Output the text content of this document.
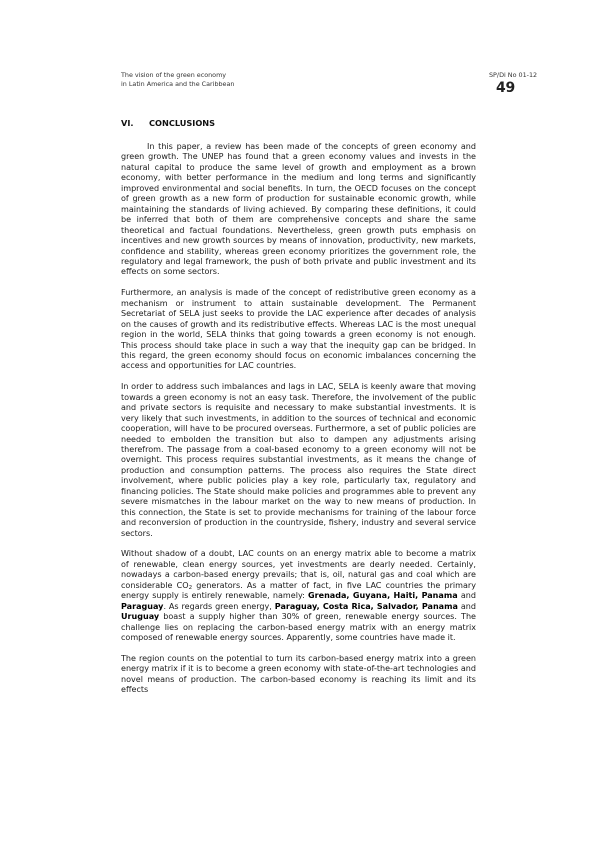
The vision of the green economy
in Latin America and the Caribbean
SP/Di No 01-12
49
VI. CONCLUSIONS

In this paper, a review has been made of the concepts of green economy and green growth. The UNEP has found that a green economy values and invests in the natural capital to produce the same level of growth and employment as a brown economy, with better performance in the medium and long terms and significantly improved environmental and social benefits. In turn, the OECD focuses on the concept of green growth as a new form of production for sustainable economic growth, while maintaining the standards of living achieved. By comparing these definitions, it could be inferred that both of them are comprehensive concepts and share the same theoretical and factual foundations. Nevertheless, green growth puts emphasis on incentives and new growth sources by means of innovation, productivity, new markets, confidence and stability, whereas green economy prioritizes the government role, the regulatory and legal framework, the push of both private and public investment and its effects on some sectors.

Furthermore, an analysis is made of the concept of redistributive green economy as a mechanism or instrument to attain sustainable development. The Permanent Secretariat of SELA just seeks to provide the LAC experience after decades of analysis on the causes of growth and its redistributive effects. Whereas LAC is the most unequal region in the world, SELA thinks that going towards a green economy is not enough. This process should take place in such a way that the inequity gap can be bridged. In this regard, the green economy should focus on economic imbalances concerning the access and opportunities for LAC countries.

In order to address such imbalances and lags in LAC, SELA is keenly aware that moving towards a green economy is not an easy task. Therefore, the involvement of the public and private sectors is requisite and necessary to make substantial investments. It is very likely that such investments, in addition to the sources of technical and economic cooperation, will have to be procured overseas. Furthermore, a set of public policies are needed to embolden the transition but also to dampen any adjustments arising therefrom. The passage from a coal-based economy to a green economy will not be overnight. This process requires substantial investments, as it means the change of production and consumption patterns. The process also requires the State direct involvement, where public policies play a key role, particularly tax, regulatory and financing policies. The State should make policies and programmes able to prevent any severe mismatches in the labour market on the way to new means of production. In this connection, the State is set to provide mechanisms for training of the labour force and reconversion of production in the countryside, fishery, industry and several service sectors.

Without shadow of a doubt, LAC counts on an energy matrix able to become a matrix of renewable, clean energy sources, yet investments are dearly needed. Certainly, nowadays a carbon-based energy prevails; that is, oil, natural gas and coal which are considerable $CO_2$ generators. As a matter of fact, in five LAC countries the primary energy supply is entirely renewable, namely: Grenada, Guyana, Haiti, Panama and Paraguay. As regards green energy, Paraguay, Costa Rica, Salvador, Panama and Uruguay boast a supply higher than 30% of green, renewable energy sources. The challenge lies on replacing the carbon-based energy matrix with an energy matrix composed of renewable energy sources. Apparently, some countries have made it.

The region counts on the potential to turn its carbon-based energy matrix into a green energy matrix if it is to become a green economy with state-of-the-art technologies and novel means of production. The carbon-based economy is reaching its limit and its effects
